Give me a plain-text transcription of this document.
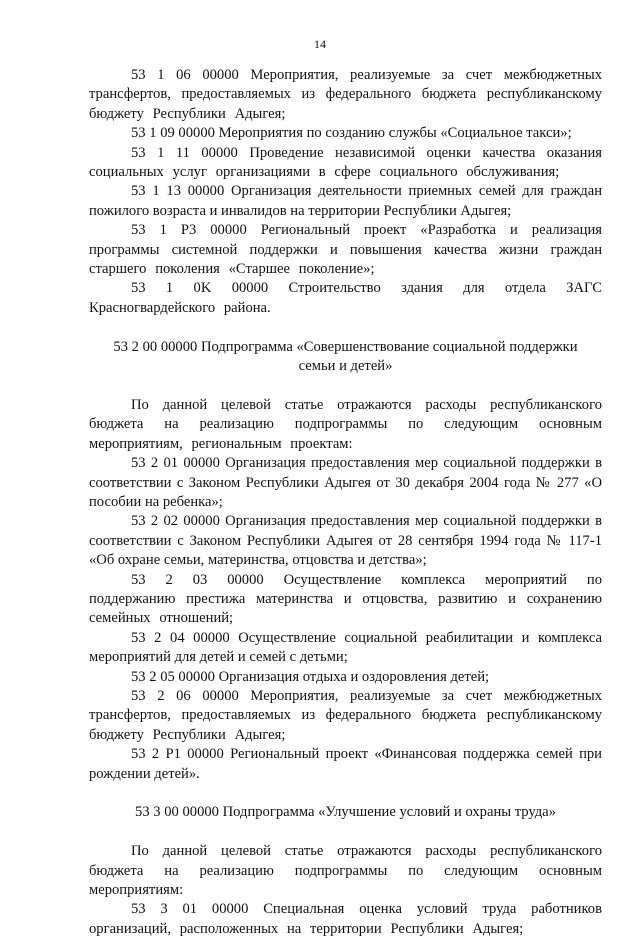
14

53 1 06 00000 Мероприятия, реализуемые за счет межбюджетных трансфертов, предоставляемых из федерального бюджета республиканскому бюджету Республики Адыгея;

53 1 09 00000 Мероприятия по созданию службы «Социальное такси»;

53 1 11 00000 Проведение независимой оценки качества оказания социальных услуг организациями в сфере социального обслуживания;

53 1 13 00000 Организация деятельности приемных семей для граждан пожилого возраста и инвалидов на территории Республики Адыгея;

53 1 P3 00000 Региональный проект «Разработка и реализация программы системной поддержки и повышения качества жизни граждан старшего поколения «Старшее поколение»;

53 1 0K 00000 Строительство здания для отдела ЗАГС Красногвардейского района.

53 2 00 00000 Подпрограмма «Совершенствование социальной поддержки семьи и детей»

По данной целевой статье отражаются расходы республиканского бюджета на реализацию подпрограммы по следующим основным мероприятиям, региональным проектам:

53 2 01 00000 Организация предоставления мер социальной поддержки в соответствии с Законом Республики Адыгея от 30 декабря 2004 года № 277 «О пособии на ребенка»;

53 2 02 00000 Организация предоставления мер социальной поддержки в соответствии с Законом Республики Адыгея от 28 сентября 1994 года № 117-1 «Об охране семьи, материнства, отцовства и детства»;

53 2 03 00000 Осуществление комплекса мероприятий по поддержанию престижа материнства и отцовства, развитию и сохранению семейных отношений;

53 2 04 00000 Осуществление социальной реабилитации и комплекса мероприятий для детей и семей с детьми;

53 2 05 00000 Организация отдыха и оздоровления детей;

53 2 06 00000 Мероприятия, реализуемые за счет межбюджетных трансфертов, предоставляемых из федерального бюджета республиканскому бюджету Республики Адыгея;

53 2 P1 00000 Региональный проект «Финансовая поддержка семей при рождении детей».

53 3 00 00000 Подпрограмма «Улучшение условий и охраны труда»

По данной целевой статье отражаются расходы республиканского бюджета на реализацию подпрограммы по следующим основным мероприятиям:

53 3 01 00000 Специальная оценка условий труда работников организаций, расположенных на территории Республики Адыгея;
